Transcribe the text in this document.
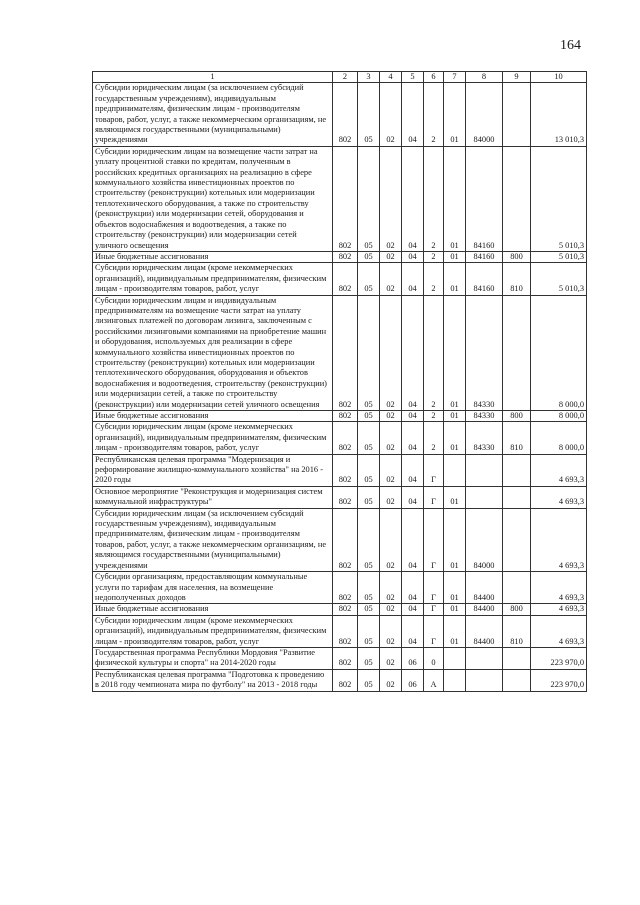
164
1	2	3	4	5	6	7	8	9	10
Субсидии юридическим лицам (за исключением субсидий государственным учреждениям), индивидуальным предпринимателям, физическим лицам - производителям товаров, работ, услуг, а также некоммерческим организациям, не являющимся государственными (муниципальными) учреждениями	802	05	02	04	2	01	84000		13 010,3
Субсидии юридическим лицам на возмещение части затрат на уплату процентной ставки по кредитам, полученным в российских кредитных организациях на реализацию в сфере коммунального хозяйства инвестиционных проектов по строительству (реконструкции) котельных или модернизации теплотехнического оборудования, а также по строительству (реконструкции) или модернизации сетей, оборудования и объектов водоснабжения и водоотведения, а также по строительству (реконструкции) или модернизации сетей уличного освещения	802	05	02	04	2	01	84160		5 010,3
Иные бюджетные ассигнования	802	05	02	04	2	01	84160	800	5 010,3
Субсидии юридическим лицам (кроме некоммерческих организаций), индивидуальным предпринимателям, физическим лицам - производителям товаров, работ, услуг	802	05	02	04	2	01	84160	810	5 010,3
Субсидии юридическим лицам и индивидуальным предпринимателям на возмещение части затрат на уплату лизинговых платежей по договорам лизинга, заключенным с российскими лизинговыми компаниями на приобретение машин и оборудования, используемых для реализации в сфере коммунального хозяйства инвестиционных проектов по строительству (реконструкции) котельных или модернизации теплотехнического оборудования, оборудования и объектов водоснабжения и водоотведения, строительству (реконструкции) или модернизации сетей, а также по строительству (реконструкции) или модернизации сетей уличного освещения	802	05	02	04	2	01	84330		8 000,0
Иные бюджетные ассигнования	802	05	02	04	2	01	84330	800	8 000,0
Субсидии юридическим лицам (кроме некоммерческих организаций), индивидуальным предпринимателям, физическим лицам - производителям товаров, работ, услуг	802	05	02	04	2	01	84330	810	8 000,0
Республиканская целевая программа "Модернизация и реформирование жилищно-коммунального хозяйства" на 2016 - 2020 годы	802	05	02	04	Г				4 693,3
Основное мероприятие "Реконструкция и модернизация систем коммунальной инфраструктуры"	802	05	02	04	Г	01			4 693,3
Субсидии юридическим лицам (за исключением субсидий государственным учреждениям), индивидуальным предпринимателям, физическим лицам - производителям товаров, работ, услуг, а также некоммерческим организациям, не являющимся государственными (муниципальными) учреждениями	802	05	02	04	Г	01	84000		4 693,3
Субсидии организациям, предоставляющим коммунальные услуги по тарифам для населения, на возмещение недополученных доходов	802	05	02	04	Г	01	84400		4 693,3
Иные бюджетные ассигнования	802	05	02	04	Г	01	84400	800	4 693,3
Субсидии юридическим лицам (кроме некоммерческих организаций), индивидуальным предпринимателям, физическим лицам - производителям товаров, работ, услуг	802	05	02	04	Г	01	84400	810	4 693,3
Государственная программа Республики Мордовия "Развитие физической культуры и спорта" на 2014-2020 годы	802	05	02	06	0				223 970,0
Республиканская целевая программа "Подготовка к проведению в 2018 году чемпионата мира по футболу" на 2013 - 2018 годы	802	05	02	06	А				223 970,0
